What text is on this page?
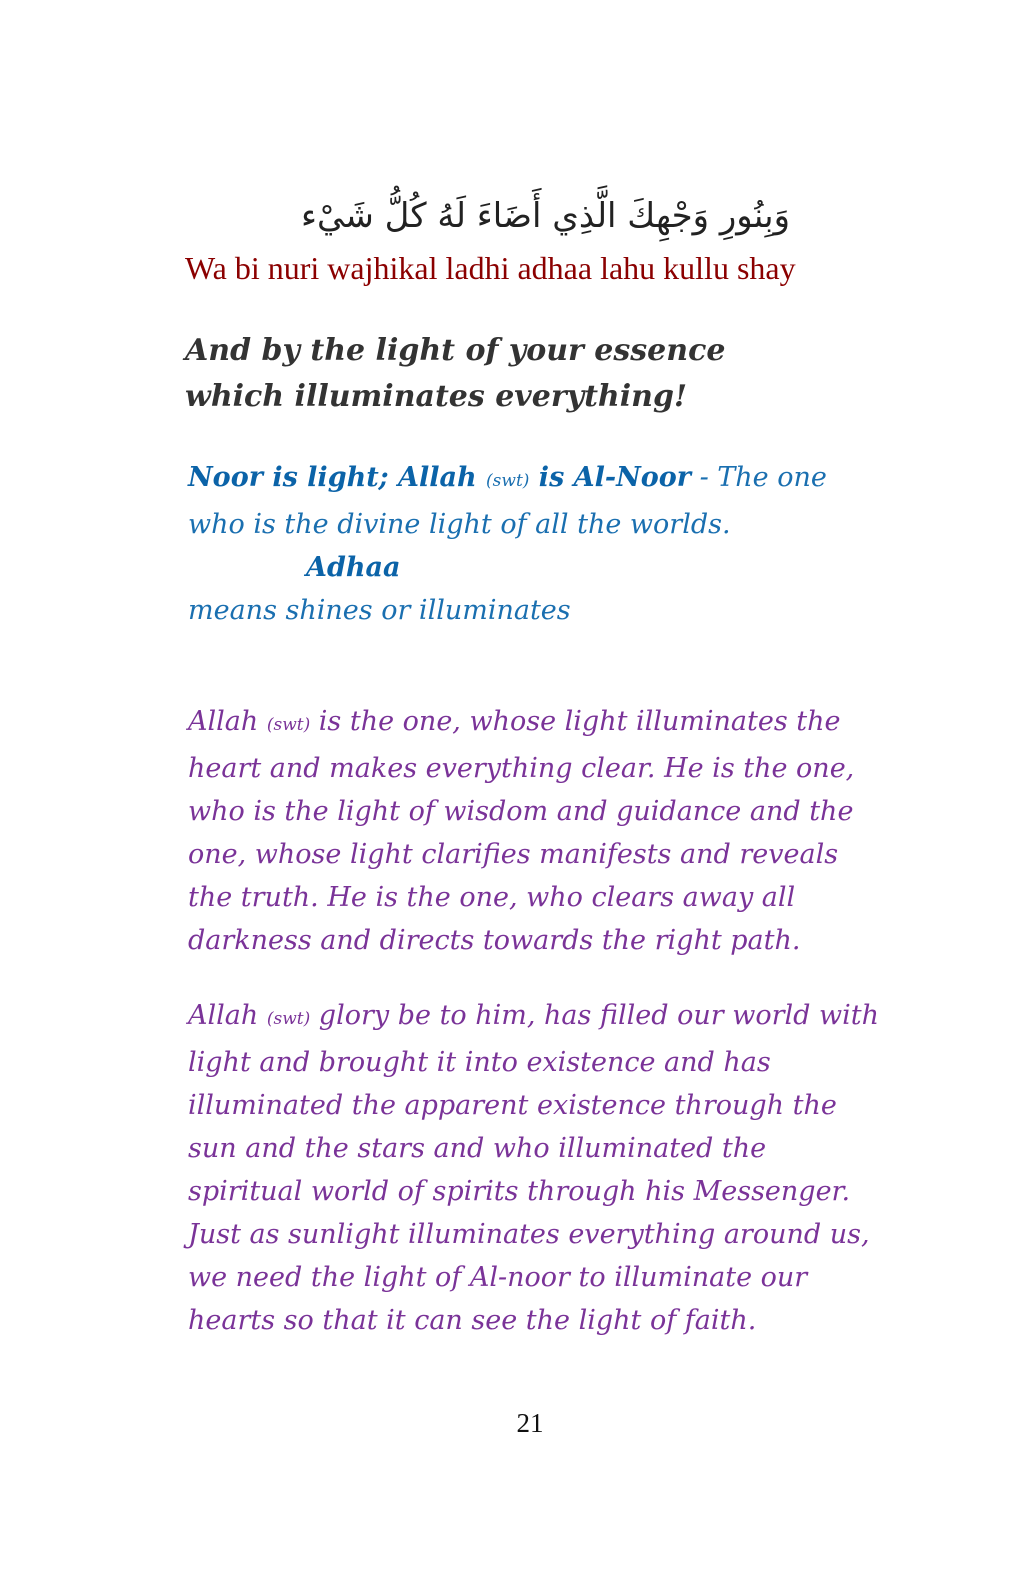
وَبِنُورِ وَجْهِكَ الَّذِي أَضَاءَ لَهُ كُلُّ شَيْء
Wa bi nuri wajhikal ladhi adhaa lahu kullu shay
And by the light of your essence which illuminates everything!
Noor is light; Allah (swt) is Al-Noor - The one who is the divine light of all the worlds.Adhaa
means shines or illuminates
Allah (swt) is the one, whose light illuminates the heart and makes everything clear. He is the one, who is the light of wisdom and guidance and the one, whose light clarifies manifests and reveals the truth. He is the one, who clears away all darkness and directs towards the right path.
Allah (swt) glory be to him, has filled our world with light and brought it into existence and has illuminated the apparent existence through the sun and the stars and who illuminated the spiritual world of spirits through his Messenger. Just as sunlight illuminates everything around us, we need the light of Al-noor to illuminate our hearts so that it can see the light of faith.
21
